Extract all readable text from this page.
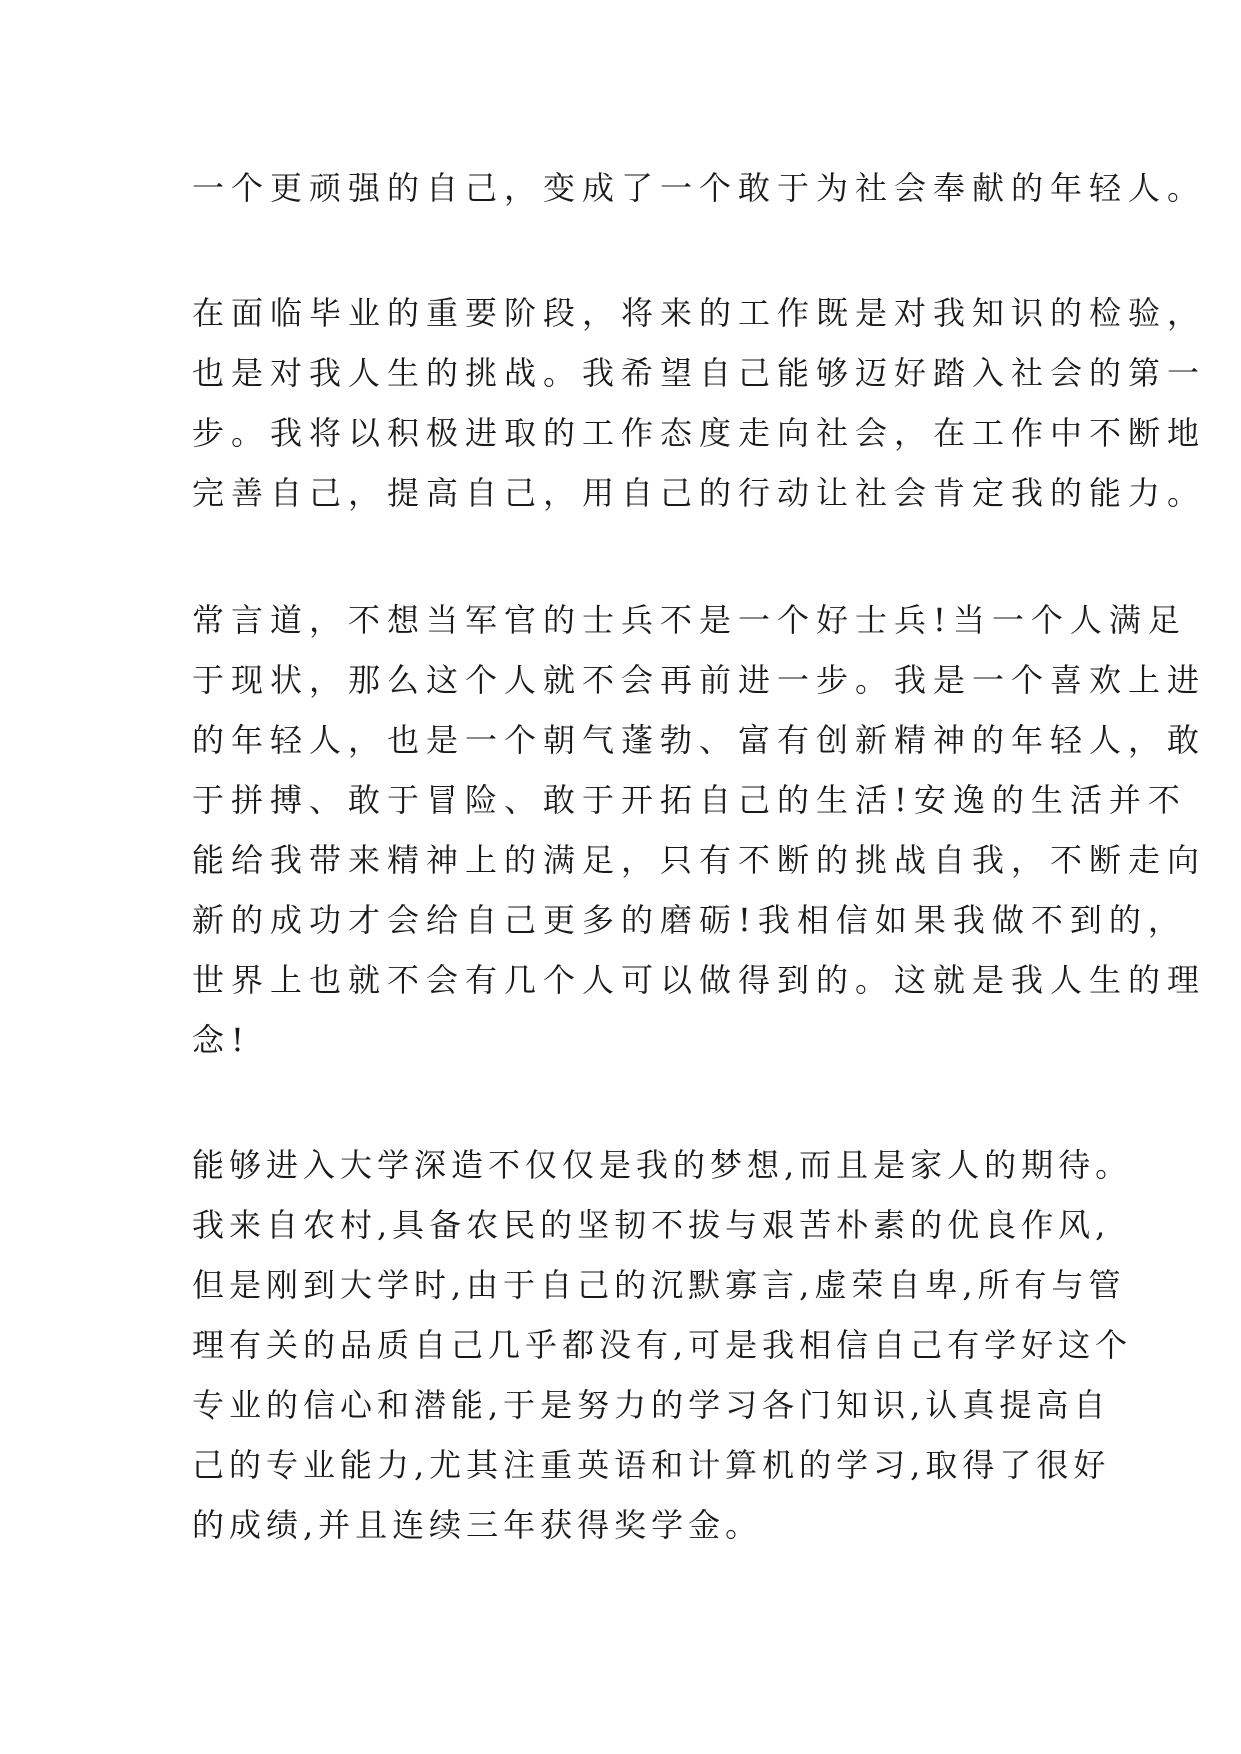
一个更顽强的自己，变成了一个敢于为社会奉献的年轻人。

在面临毕业的重要阶段，将来的工作既是对我知识的检验，

也是对我人生的挑战。我希望自己能够迈好踏入社会的第一

步。我将以积极进取的工作态度走向社会，在工作中不断地

完善自己，提高自己，用自己的行动让社会肯定我的能力。

常言道，不想当军官的士兵不是一个好士兵!当一个人满足

于现状，那么这个人就不会再前进一步。我是一个喜欢上进

的年轻人，也是一个朝气蓬勃、富有创新精神的年轻人，敢

于拼搏、敢于冒险、敢于开拓自己的生活!安逸的生活并不

能给我带来精神上的满足，只有不断的挑战自我，不断走向

新的成功才会给自己更多的磨砺!我相信如果我做不到的，

世界上也就不会有几个人可以做得到的。这就是我人生的理

念!

能够进入大学深造不仅仅是我的梦想,而且是家人的期待。

我来自农村,具备农民的坚韧不拔与艰苦朴素的优良作风,

但是刚到大学时,由于自己的沉默寡言,虚荣自卑,所有与管

理有关的品质自己几乎都没有,可是我相信自己有学好这个

专业的信心和潜能,于是努力的学习各门知识,认真提高自

己的专业能力,尤其注重英语和计算机的学习,取得了很好

的成绩,并且连续三年获得奖学金。
